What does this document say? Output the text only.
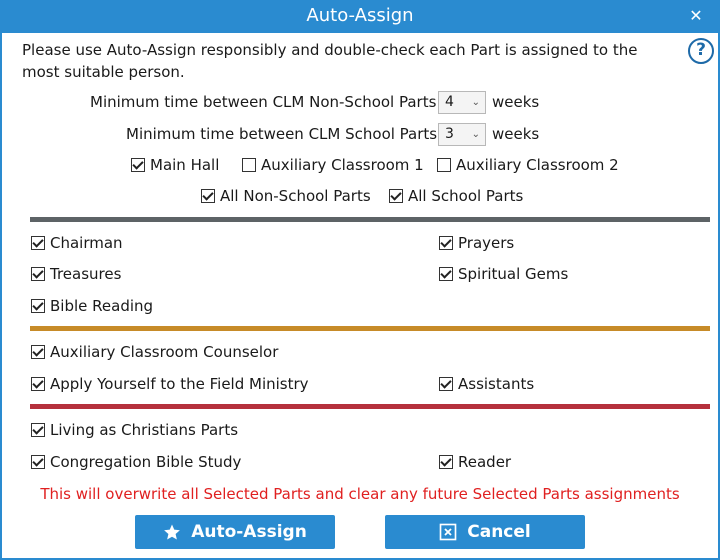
Auto-Assign	✕
Please use Auto-Assign responsibly and double-check each Part is assigned to the most suitable person.
?
Minimum time between CLM Non-School Parts 4 ⌄ weeks
Minimum time between CLM School Parts 3 ⌄ weeks
Main Hall	Auxiliary Classroom 1 Auxiliary Classroom 2
All Non-School Parts All School Parts
Chairman	Prayers
Treasures	Spiritual Gems
Bible Reading
Auxiliary Classroom Counselor
Apply Yourself to the Field Ministry	Assistants
Living as Christians Parts
Congregation Bible Study	Reader
This will overwrite all Selected Parts and clear any future Selected Parts assignments
Auto-Assign	Cancel
